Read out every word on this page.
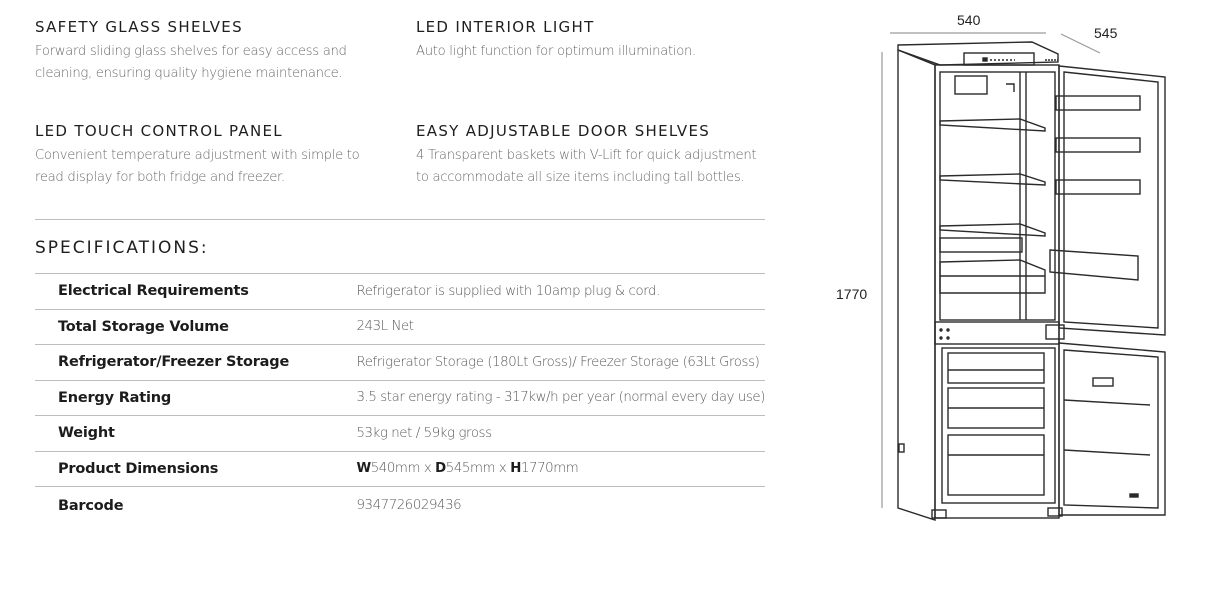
SAFETY GLASS SHELVES

Forward sliding glass shelves for easy access and
cleaning, ensuring quality hygiene maintenance.

LED INTERIOR LIGHT

Auto light function for optimum illumination.

LED TOUCH CONTROL PANEL

Convenient temperature adjustment with simple to
read display for both fridge and freezer.

EASY ADJUSTABLE DOOR SHELVES

4 Transparent baskets with V-Lift for quick adjustment
to accommodate all size items including tall bottles.

SPECIFICATIONS:
Electrical Requirements	Refrigerator is supplied with 10amp plug & cord.
Total Storage Volume	243L Net
Refrigerator/Freezer Storage	Refrigerator Storage (180Lt Gross)/ Freezer Storage (63Lt Gross)
Energy Rating	3.5 star energy rating - 317kw/h per year (normal every day use)
Weight	53kg net / 59kg gross
Product Dimensions	W540mm x D545mm x H1770mm
Barcode	9347726029436
540
545
1770
